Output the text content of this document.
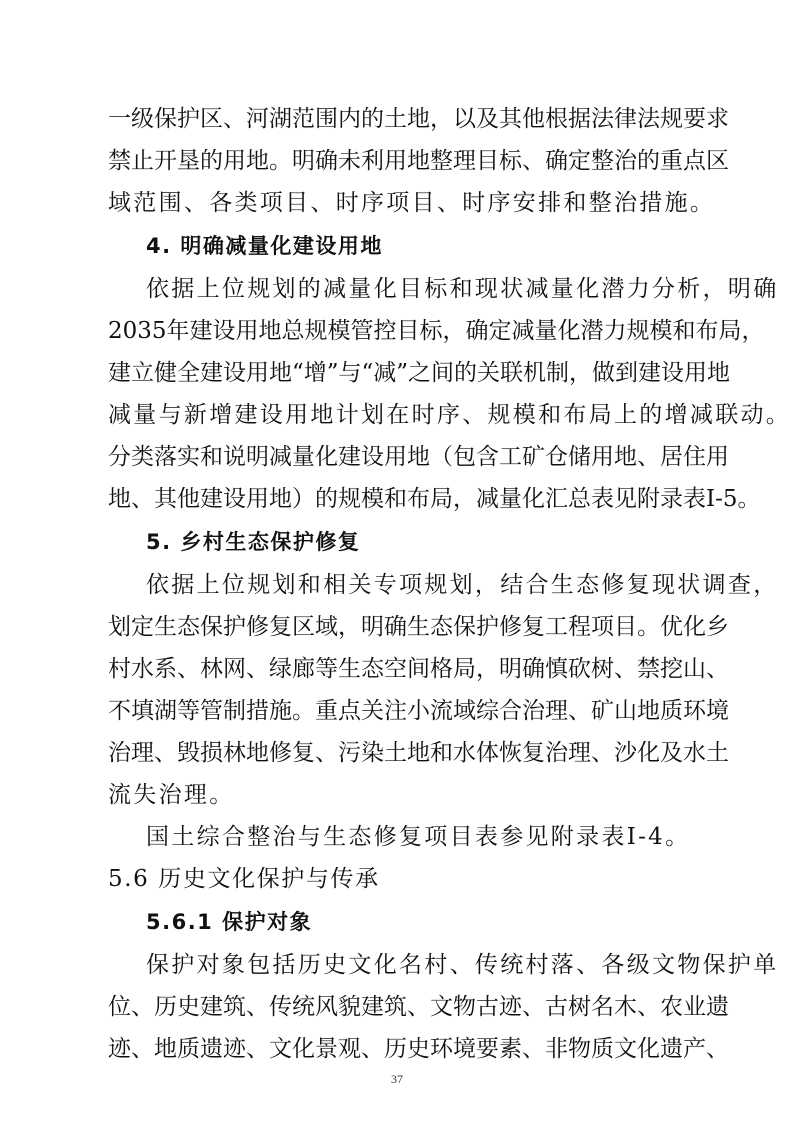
一级保护区、河湖范围内的土地，以及其他根据法律法规要求
禁止开垦的用地。明确未利用地整理目标、确定整治的重点区
域范围、各类项目、时序项目、时序安排和整治措施。
4. 明确减量化建设用地
依据上位规划的减量化目标和现状减量化潜力分析，明确
2035年建设用地总规模管控目标，确定减量化潜力规模和布局，
建立健全建设用地“增”与“减”之间的关联机制，做到建设用地
减量与新增建设用地计划在时序、规模和布局上的增减联动。
分类落实和说明减量化建设用地（包含工矿仓储用地、居住用
地、其他建设用地）的规模和布局，减量化汇总表见附录表I-5。
5. 乡村生态保护修复
依据上位规划和相关专项规划，结合生态修复现状调查，
划定生态保护修复区域，明确生态保护修复工程项目。优化乡
村水系、林网、绿廊等生态空间格局，明确慎砍树、禁挖山、
不填湖等管制措施。重点关注小流域综合治理、矿山地质环境
治理、毁损林地修复、污染土地和水体恢复治理、沙化及水土
流失治理。
国土综合整治与生态修复项目表参见附录表I-4。
5.6 历史文化保护与传承
5.6.1 保护对象
保护对象包括历史文化名村、传统村落、各级文物保护单
位、历史建筑、传统风貌建筑、文物古迹、古树名木、农业遗
迹、地质遗迹、文化景观、历史环境要素、非物质文化遗产、
37
